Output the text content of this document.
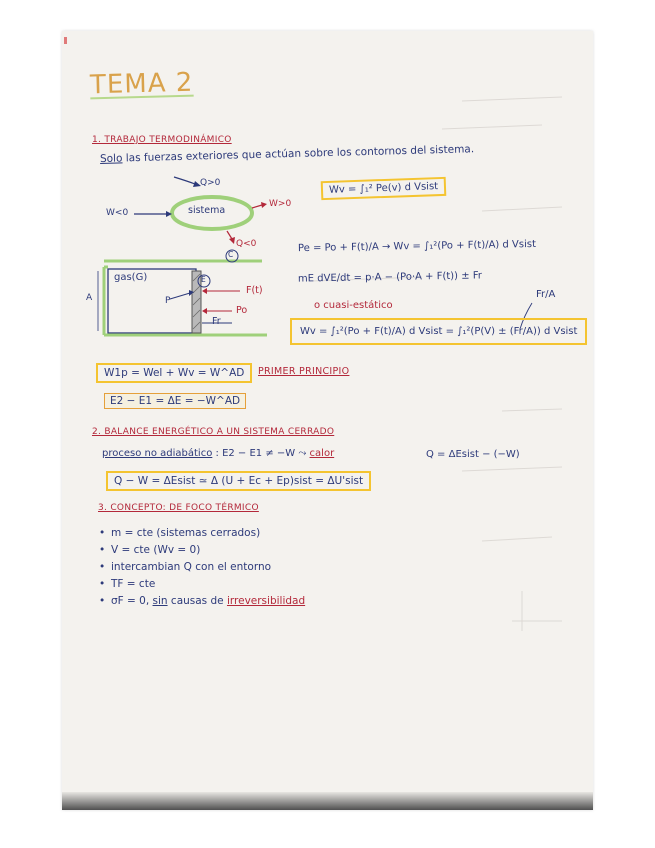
TEMA 2
1. TRABAJO TERMODINÁMICO
Solo las fuerzas exteriores que actúan sobre los contornos del sistema.
Q>0
W<0	sistema
W>0
Q<0
Wv = ∫₁² Pe(v) d Vsist
gas(G)	E
C
P
A
F(t)
Po
Fr
Fr/A
Pe = Po + F(t)/A → Wv = ∫₁²(Po + F(t)/A) d Vsist
mE dVE/dt = p·A − (Po·A + F(t)) ± Fr
o cuasi-estático
Wv = ∫₁²(Po + F(t)/A) d Vsist = ∫₁²(P(V) ± (Fr/A)) d Vsist
W1p = Wel + Wv = W^AD	PRIMER PRINCIPIO
E2 − E1 = ΔE = −W^AD
2. BALANCE ENERGÉTICO A UN SISTEMA CERRADO
proceso no adiabático : E2 − E1 ≠ −W ⤳ calor	Q = ΔEsist − (−W)
Q − W = ΔEsist ≃ Δ (U + Ec + Ep)sist = ΔU'sist
3. CONCEPTO: DE FOCO TÉRMICO
• m = cte (sistemas cerrados)
• V = cte (Wv = 0)
• intercambian Q con el entorno
• TF = cte
• σF = 0, sin causas de irreversibilidad
